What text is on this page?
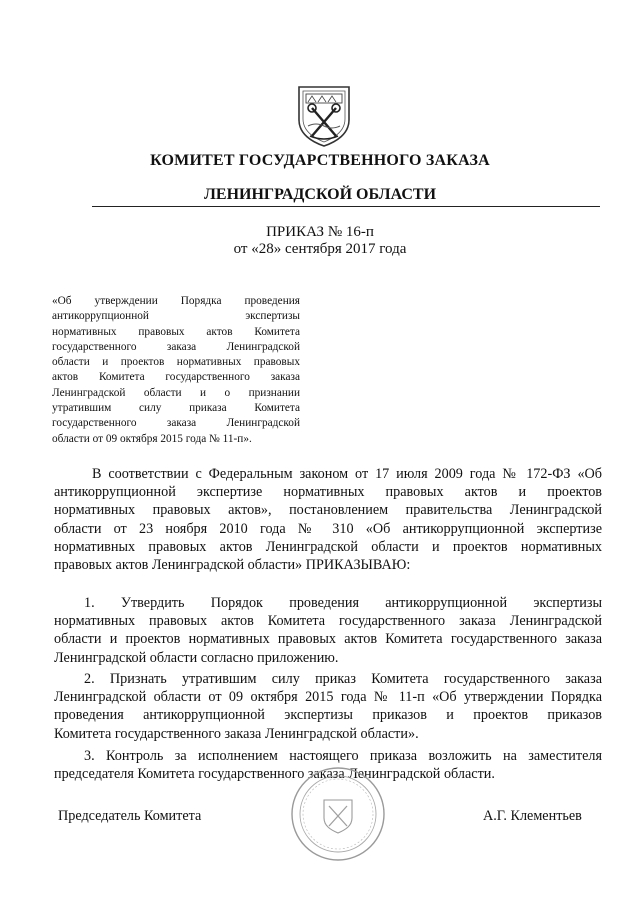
КОМИТЕТ ГОСУДАРСТВЕННОГО ЗАКАЗА
ЛЕНИНГРАДСКОЙ ОБЛАСТИ
ПРИКАЗ № 16-п
от «28» сентября 2017 года
«Об утверждении Порядка проведения
антикоррупционной экспертизы
нормативных правовых актов Комитета
государственного заказа Ленинградской
области и проектов нормативных правовых
актов Комитета государственного заказа
Ленинградской области и о признании
утратившим силу приказа Комитета
государственного заказа Ленинградской
области от 09 октября 2015 года № 11-п».
В соответствии с Федеральным законом от 17 июля 2009 года № 172-ФЗ «Об
антикоррупционной экспертизе нормативных правовых актов и проектов
нормативных правовых актов», постановлением правительства Ленинградской
области от 23 ноября 2010 года № 310 «Об антикоррупционной экспертизе
нормативных правовых актов Ленинградской области и проектов нормативных
правовых актов Ленинградской области» ПРИКАЗЫВАЮ:
1. Утвердить Порядок проведения антикоррупционной экспертизы
нормативных правовых актов Комитета государственного заказа Ленинградской
области и проектов нормативных правовых актов Комитета государственного заказа
Ленинградской области согласно приложению.
2. Признать утратившим силу приказ Комитета государственного заказа
Ленинградской области от 09 октября 2015 года № 11-п «Об утверждении Порядка
проведения антикоррупционной экспертизы приказов и проектов приказов
Комитета государственного заказа Ленинградской области».
3. Контроль за исполнением настоящего приказа возложить на заместителя
председателя Комитета государственного заказа Ленинградской области.
Председатель Комитета	А.Г. Клементьев
